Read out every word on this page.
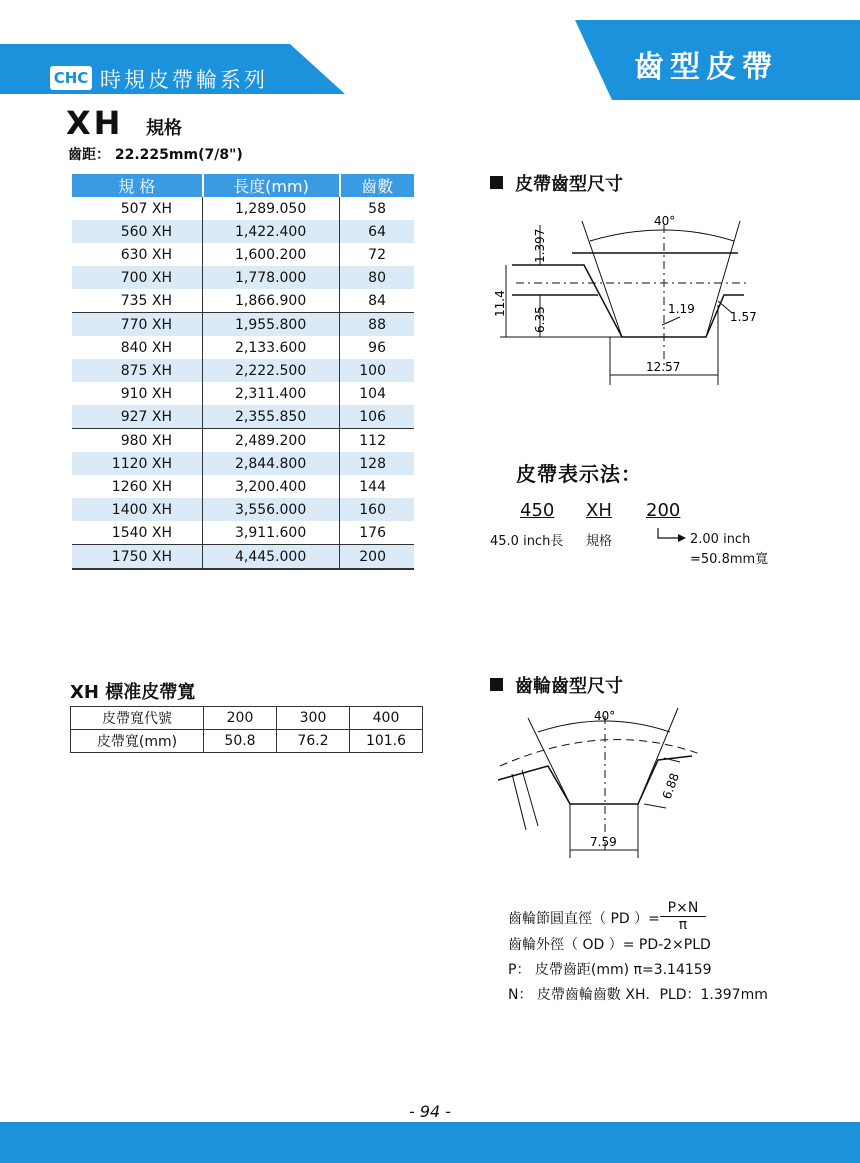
CHC 時規皮帶輪系列	齒型皮帶
XH 規格
齒距： 22.225mm(7/8")
規 格	長度(mm)	齒數
507 XH	1,289.050	58
560 XH	1,422.400	64
630 XH	1,600.200	72
700 XH	1,778.000	80
735 XH	1,866.900	84
770 XH	1,955.800	88
840 XH	2,133.600	96
875 XH	2,222.500	100
910 XH	2,311.400	104
927 XH	2,355.850	106
980 XH	2,489.200	112
1120 XH	2,844.800	128
1260 XH	3,200.400	144
1400 XH	3,556.000	160
1540 XH	3,911.600	176
1750 XH	4,445.000	200
XH 標准皮帶寬
皮帶寬代號	200	300	400
皮帶寬(mm)	50.8	76.2	101.6
皮帶齒型尺寸
40°
1.397
11.4
6.35	1.19
1.57
12.57
皮帶表示法：
450 XH 200
45.0 inch長 規格	2.00 inch
=50.8mm寬
齒輪齒型尺寸
40°
6.88
7.59
齒輪節圓直徑（ PD ）=
P×N
π
齒輪外徑（ OD ）= PD-2×PLD
P： 皮帶齒距(mm) π=3.14159
N： 皮帶齒輪齒數 XH．PLD：1.397mm
- 94 -
